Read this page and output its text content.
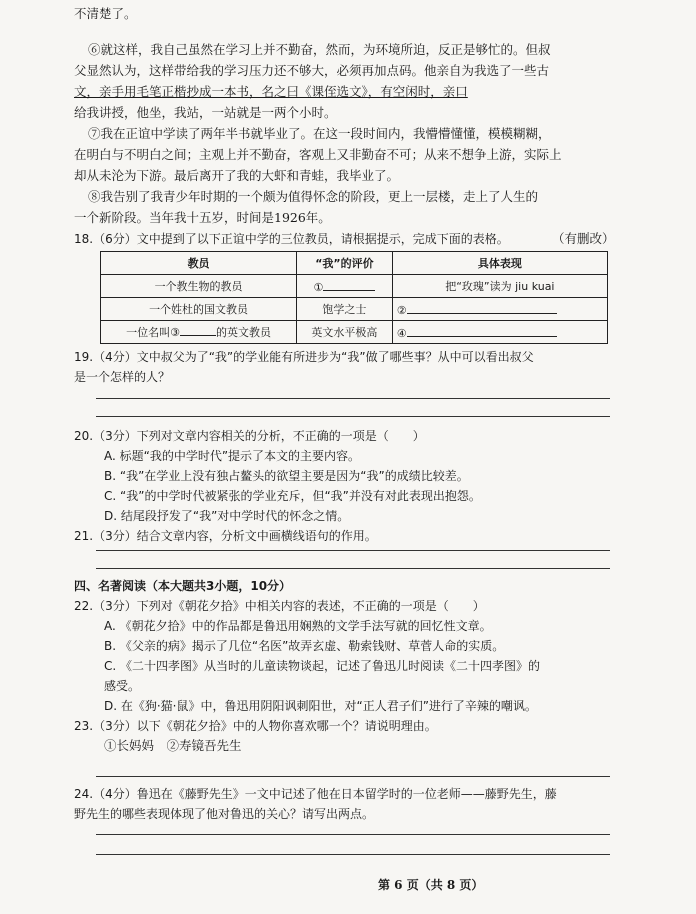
不清楚了。
⑥就这样，我自己虽然在学习上并不勤奋，然而，为环境所迫，反正是够忙的。但叔
父显然认为，这样带给我的学习压力还不够大，必须再加点码。他亲自为我选了一些古
文，亲手用毛笔正楷抄成一本书，名之曰《课侄选文》，有空闲时，亲口
给我讲授，他坐，我站，一站就是一两个小时。
⑦我在正谊中学读了两年半书就毕业了。在这一段时间内，我懵懵懂懂，模模糊糊，
在明白与不明白之间；主观上并不勤奋，客观上又非勤奋不可；从来不想争上游，实际上
却从未沦为下游。最后离开了我的大虾和青蛙，我毕业了。
⑧我告别了我青少年时期的一个颇为值得怀念的阶段，更上一层楼，走上了人生的
一个新阶段。当年我十五岁，时间是1926年。
（有删改）
18.（6分）文中提到了以下正谊中学的三位教员，请根据提示，完成下面的表格。
教员	“我”的评价	具体表现
一个教生物的教员	①	把“玫瑰”读为 jiu kuai
一个姓杜的国文教员	饱学之士	②
一位名叫③ 的英文教员	英文水平极高	④
19.（4分）文中叔父为了“我”的学业能有所进步为“我”做了哪些事？从中可以看出叔父
是一个怎样的人？
20.（3分）下列对文章内容相关的分析，不正确的一项是（　　）
A. 标题“我的中学时代”提示了本文的主要内容。
B. “我”在学业上没有独占鳌头的欲望主要是因为“我”的成绩比较差。
C. “我”的中学时代被紧张的学业充斥，但“我”并没有对此表现出抱怨。
D. 结尾段抒发了“我”对中学时代的怀念之情。
21.（3分）结合文章内容，分析文中画横线语句的作用。
四、名著阅读（本大题共3小题，10分）
22.（3分）下列对《朝花夕拾》中相关内容的表述，不正确的一项是（　　）
A. 《朝花夕拾》中的作品都是鲁迅用娴熟的文学手法写就的回忆性文章。
B. 《父亲的病》揭示了几位“名医”故弄玄虚、勒索钱财、草菅人命的实质。
C. 《二十四孝图》从当时的儿童读物谈起，记述了鲁迅儿时阅读《二十四孝图》的
感受。
D. 在《狗·猫·鼠》中，鲁迅用阴阳讽刺阳世，对“正人君子们”进行了辛辣的嘲讽。
23.（3分）以下《朝花夕拾》中的人物你喜欢哪一个？请说明理由。
①长妈妈　②寿镜吾先生
24.（4分）鲁迅在《藤野先生》一文中记述了他在日本留学时的一位老师——藤野先生，藤
野先生的哪些表现体现了他对鲁迅的关心？请写出两点。
第 6 页（共 8 页）
